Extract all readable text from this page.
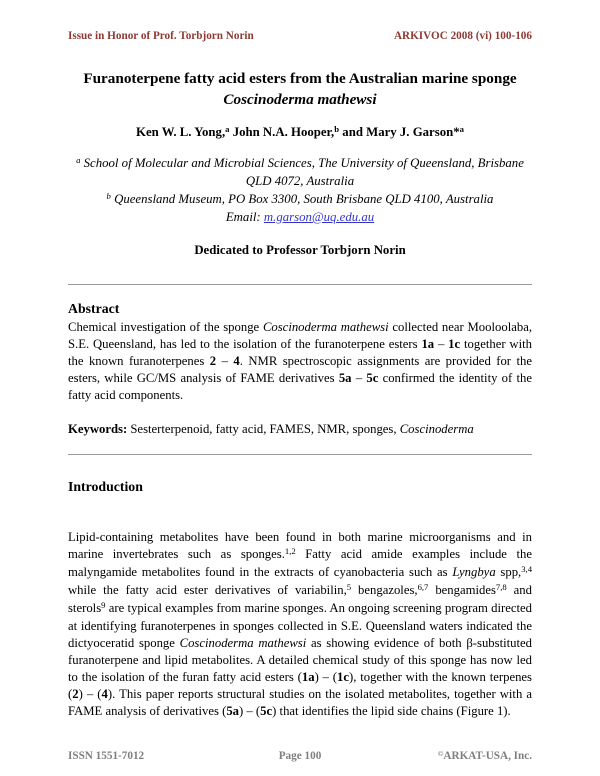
Issue in Honor of Prof. Torbjorn Norin	ARKIVOC 2008 (vi) 100-106
Furanoterpene fatty acid esters from the Australian marine sponge
Coscinoderma mathewsi

Ken W. L. Yong,$^a$ John N.A. Hooper,$^b$ and Mary J. Garson*$^a$

$^a$ School of Molecular and Microbial Sciences, The University of Queensland, Brisbane QLD 4072, Australia
$^b$ Queensland Museum, PO Box 3300, South Brisbane QLD 4100, Australia
Email: m.garson@uq.edu.au

Dedicated to Professor Torbjorn Norin

Abstract

Chemical investigation of the sponge Coscinoderma mathewsi collected near Mooloolaba, S.E. Queensland, has led to the isolation of the furanoterpene esters 1a – 1c together with the known furanoterpenes 2 – 4. NMR spectroscopic assignments are provided for the esters, while GC/MS analysis of FAME derivatives 5a – 5c confirmed the identity of the fatty acid components.

Keywords: Sesterterpenoid, fatty acid, FAMES, NMR, sponges, Coscinoderma

Introduction

Lipid-containing metabolites have been found in both marine microorganisms and in marine invertebrates such as sponges.$^{1,2}$ Fatty acid amide examples include the malyngamide metabolites found in the extracts of cyanobacteria such as Lyngbya spp,$^{3,4}$ while the fatty acid ester derivatives of variabilin,$^5$ bengazoles,$^{6,7}$ bengamides$^{7,8}$ and sterols$^9$ are typical examples from marine sponges. An ongoing screening program directed at identifying furanoterpenes in sponges collected in S.E. Queensland waters indicated the dictyoceratid sponge Coscinoderma mathewsi as showing evidence of both β-substituted furanoterpene and lipid metabolites. A detailed chemical study of this sponge has now led to the isolation of the furan fatty acid esters (1a) – (1c), together with the known terpenes (2) – (4). This paper reports structural studies on the isolated metabolites, together with a FAME analysis of derivatives (5a) – (5c) that identifies the lipid side chains (Figure 1).

ISSN 1551-7012	Page 100	©ARKAT-USA, Inc.
